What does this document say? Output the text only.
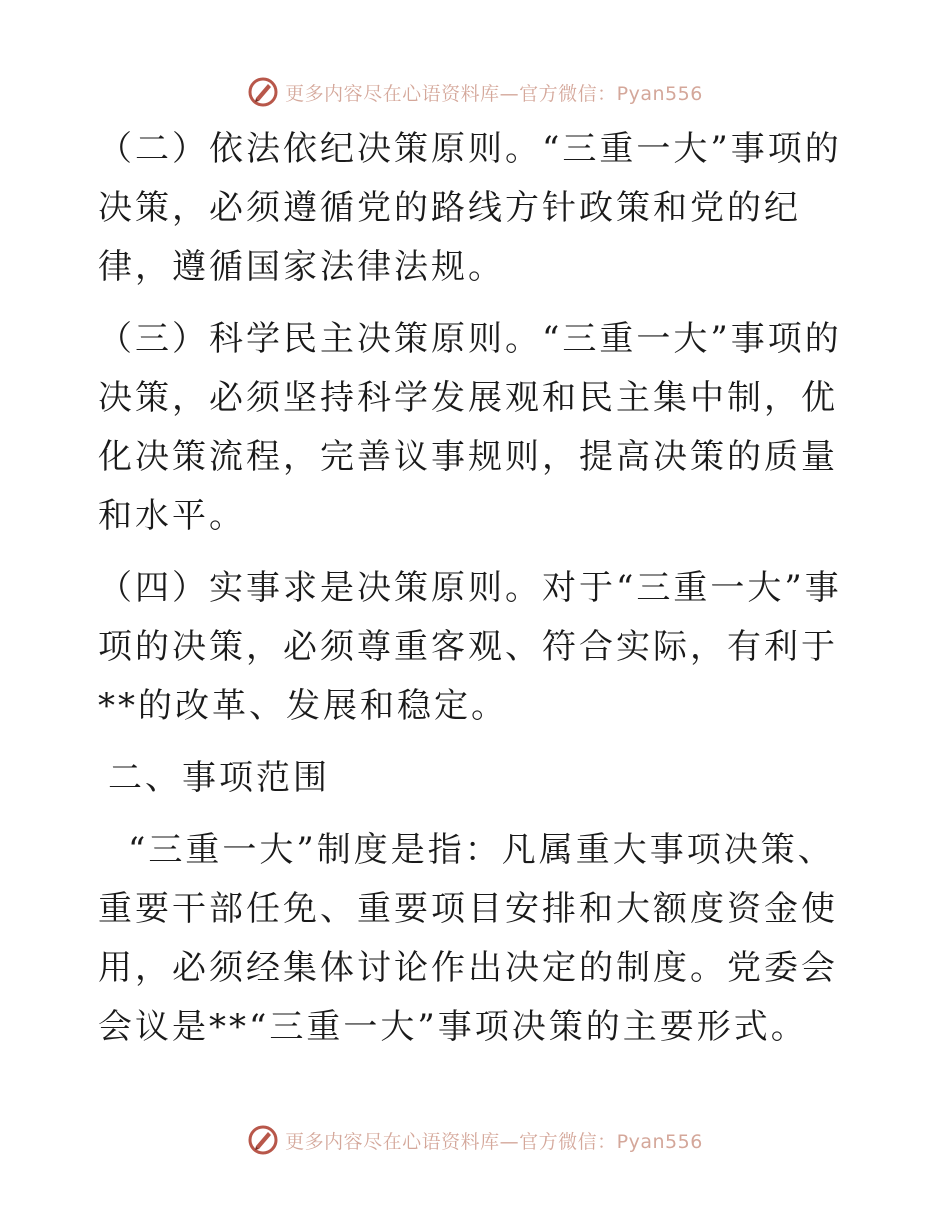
更多内容尽在心语资料库—官方微信：Pyan556

（二）依法依纪决策原则。“三重一大”事项的决策，必须遵循党的路线方针政策和党的纪律，遵循国家法律法规。

（三）科学民主决策原则。“三重一大”事项的决策，必须坚持科学发展观和民主集中制，优化决策流程，完善议事规则，提高决策的质量和水平。

（四）实事求是决策原则。对于“三重一大”事项的决策，必须尊重客观、符合实际，有利于**的改革、发展和稳定。

二、事项范围

“三重一大”制度是指：凡属重大事项决策、重要干部任免、重要项目安排和大额度资金使用，必须经集体讨论作出决定的制度。党委会会议是**“三重一大”事项决策的主要形式。

更多内容尽在心语资料库—官方微信：Pyan556
